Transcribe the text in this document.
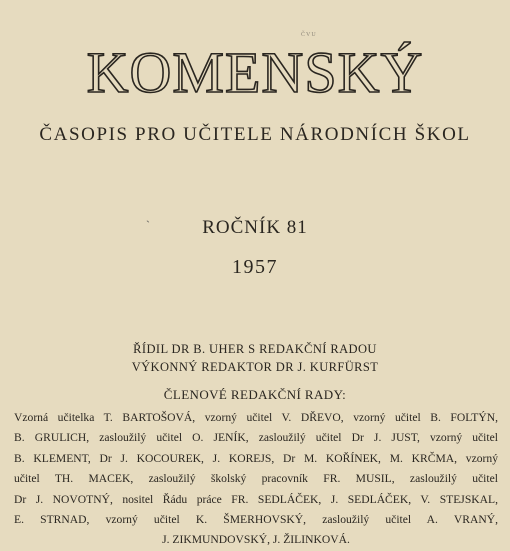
ČVU
KOMENSKÝ
ČASOPIS PRO UČITELE NÁRODNÍCH ŠKOL
ˋ	ROČNÍK 81
1957
ŘÍDIL DR B. UHER S REDAKČNÍ RADOU
VÝKONNÝ REDAKTOR DR J. KURFÜRST
ČLENOVÉ REDAKČNÍ RADY:
Vzorná učitelka T. BARTOŠOVÁ, vzorný učitel V. DŘEVO, vzorný učitel B. FOLTÝN,
B. GRULICH, zasloužilý učitel O. JENÍK, zasloužilý učitel Dr J. JUST, vzorný učitel
B. KLEMENT, Dr J. KOCOUREK, J. KOREJS, Dr M. KOŘÍNEK, M. KRČMA, vzorný
učitel TH. MACEK, zasloužilý školský pracovník FR. MUSIL, zasloužilý učitel
Dr J. NOVOTNÝ, nositel Řádu práce FR. SEDLÁČEK, J. SEDLÁČEK, V. STEJSKAL,
E. STRNAD, vzorný učitel K. ŠMERHOVSKÝ, zasloužilý učitel A. VRANÝ,
J. ZIKMUNDOVSKÝ, J. ŽILINKOVÁ.
